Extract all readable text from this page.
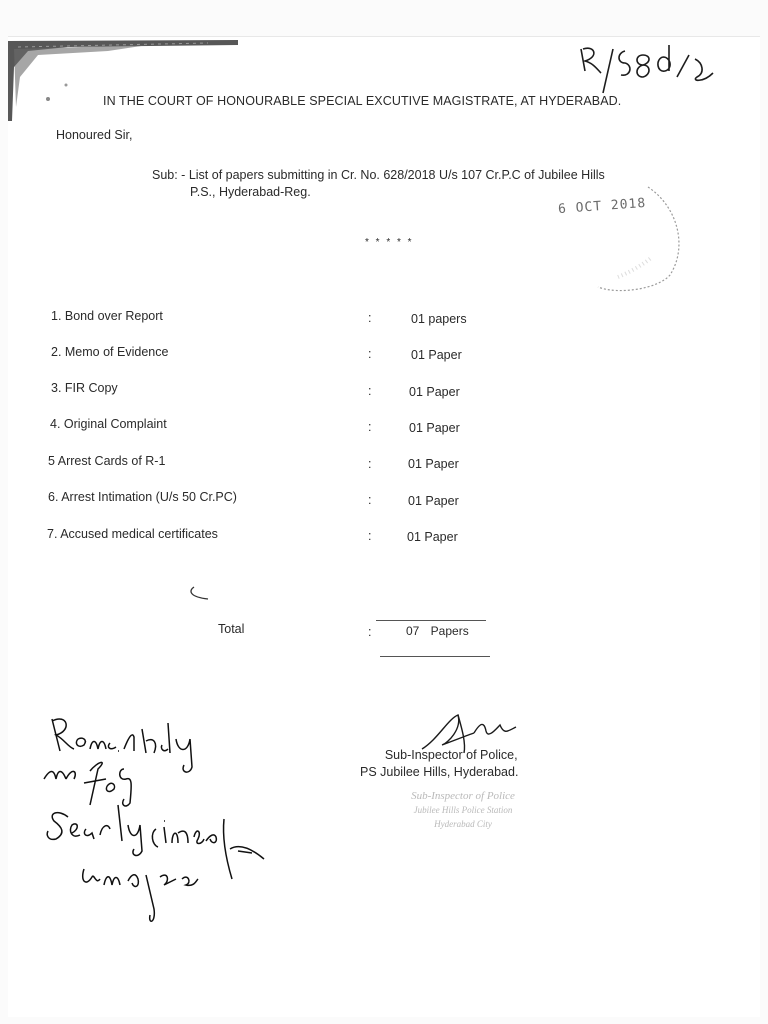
R/588/18
IN THE COURT OF HONOURABLE SPECIAL EXCUTIVE MAGISTRATE, AT HYDERABAD.
Honoured Sir,
Sub: - List of papers submitting in Cr. No. 628/2018 U/s 107 Cr.P.C of Jubilee Hills
P.S., Hyderabad-Reg.
6 OCT 2018
* * * * *
1. Bond over Report	:	01 papers
2. Memo of Evidence	:	01 Paper
3. FIR Copy	:	01 Paper
4. Original Complaint	:	01 Paper
5 Arrest Cards of R-1	:	01 Paper
6. Arrest Intimation (U/s 50 Cr.PC)	:	01 Paper
7. Accused medical certificates	:	01 Paper
Total	:	07 Papers
Sub-Inspector of Police,
PS Jubilee Hills, Hyderabad.
Sub-Inspector of Police
Jubilee Hills Police Station
Hyderabad City
Received the bond Sealed Initialed
